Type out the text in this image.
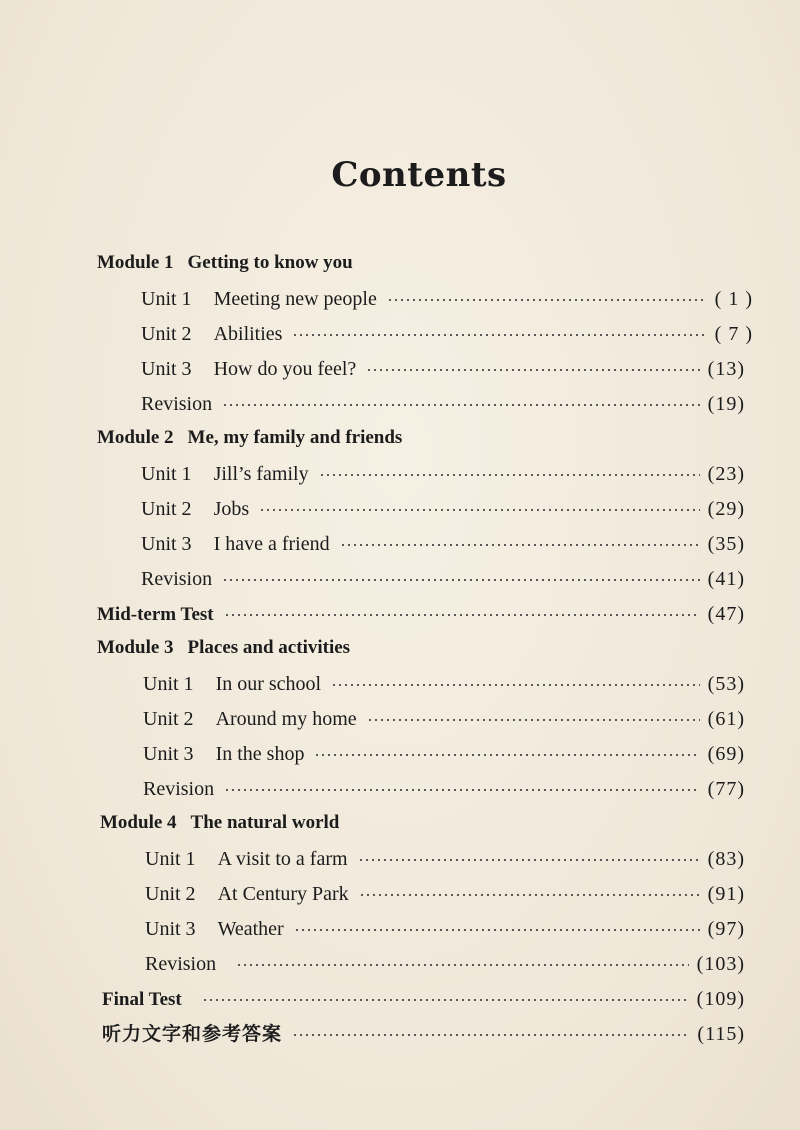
Contents
Module 1 Getting to know you
Unit 1 Meeting new people	( 1 )
Unit 2 Abilities	( 7 )
Unit 3 How do you feel?	(13)
Revision	(19)
Module 2 Me, my family and friends
Unit 1 Jill’s family	(23)
Unit 2 Jobs	(29)
Unit 3 I have a friend	(35)
Revision	(41)
Mid-term Test	(47)
Module 3 Places and activities
Unit 1 In our school	(53)
Unit 2 Around my home	(61)
Unit 3 In the shop	(69)
Revision	(77)
Module 4 The natural world
Unit 1 A visit to a farm	(83)
Unit 2 At Century Park	(91)
Unit 3 Weather	(97)
Revision	(103)
Final Test	(109)
听力文字和参考答案	(115)
